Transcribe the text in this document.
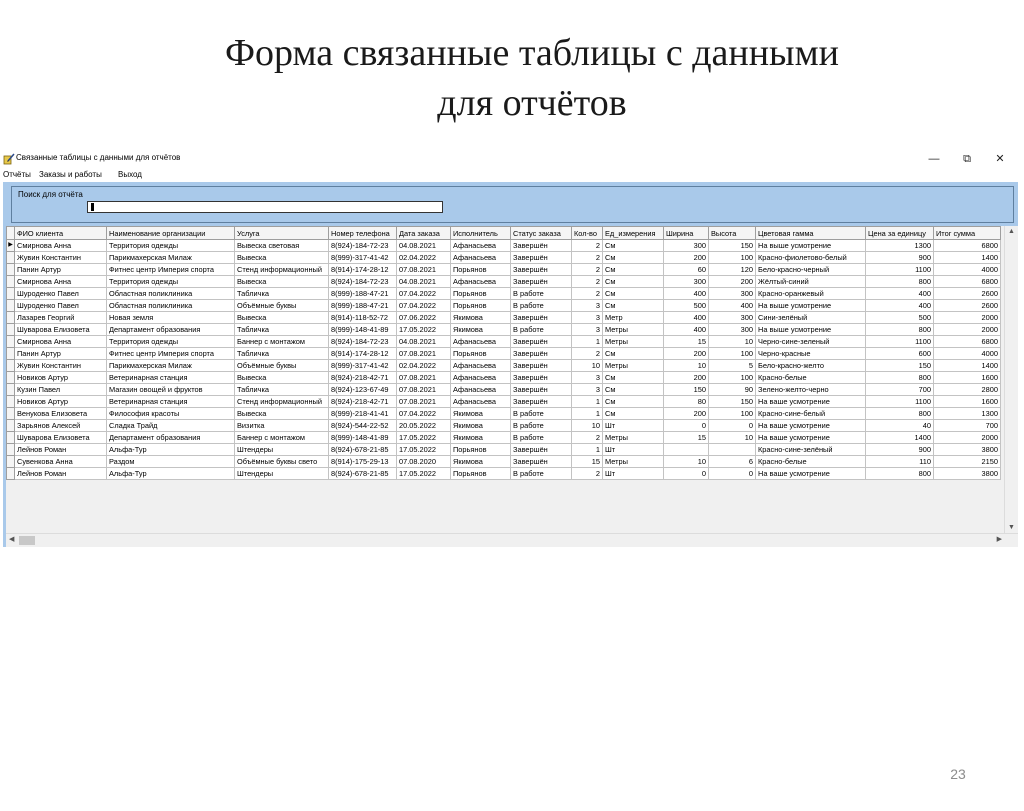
Форма связанные таблицы с данными
для отчётов
Связанные таблицы с данными для отчётов	—	⧉	✕
Отчёты Заказы и работы Выход
Поиск для отчёта
	ФИО клиента	Наименование организации	Услуга	Номер телефона	Дата заказа	Исполнитель	Статус заказа	Кол-во	Ед_измерения	Ширина	Высота	Цветовая гамма	Цена за единицу	Итог сумма
▶	Смирнова Анна	Территория одежды	Вывеска световая	8(924)-184-72-23	04.08.2021	Афанасьева	Завершён	2	См	300	150	На выше усмотрение	1300	6800
	Жувин Константин	Парикмахерская Милаж	Вывеска	8(999)-317-41-42	02.04.2022	Афанасьева	Завершён	2	См	200	100	Красно-фиолетово-белый	900	1400
	Панин Артур	Фитнес центр Империя спорта	Стенд информационный	8(914)-174-28-12	07.08.2021	Порьянов	Завершён	2	См	60	120	Бело-красно-черный	1100	4000
	Смирнова Анна	Территория одежды	Вывеска	8(924)-184-72-23	04.08.2021	Афанасьева	Завершён	2	См	300	200	Жёлтый-синий	800	6800
	Шуроденко Павел	Областная поликлиника	Табличка	8(999)-188-47-21	07.04.2022	Порьянов	В работе	2	См	400	300	Красно-оранжевый	400	2600
	Шуроденко Павел	Областная поликлиника	Объёмные буквы	8(999)-188-47-21	07.04.2022	Порьянов	В работе	3	См	500	400	На выше усмотрение	400	2600
	Лазарев Георгий	Новая земля	Вывеска	8(914)-118-52-72	07.06.2022	Якимова	Завершён	3	Метр	400	300	Сини-зелёный	500	2000
	Шуварова Елизовета	Департамент образования	Табличка	8(999)-148-41-89	17.05.2022	Якимова	В работе	3	Метры	400	300	На выше усмотрение	800	2000
	Смирнова Анна	Территория одежды	Баннер с монтажом	8(924)-184-72-23	04.08.2021	Афанасьева	Завершён	1	Метры	15	10	Черно-сине-зеленый	1100	6800
	Панин Артур	Фитнес центр Империя спорта	Табличка	8(914)-174-28-12	07.08.2021	Порьянов	Завершён	2	См	200	100	Черно-красные	600	4000
	Жувин Константин	Парикмахерская Милаж	Объёмные буквы	8(999)-317-41-42	02.04.2022	Афанасьева	Завершён	10	Метры	10	5	Бело-красно-желто	150	1400
	Новиков Артур	Ветеринарная станция	Вывеска	8(924)-218-42-71	07.08.2021	Афанасьева	Завершён	3	См	200	100	Красно-белые	800	1600
	Кузин Павел	Магазин овощей и фруктов	Табличка	8(924)-123-67-49	07.08.2021	Афанасьева	Завершён	3	См	150	90	Зелено-желто-черно	700	2800
	Новиков Артур	Ветеринарная станция	Стенд информационный	8(924)-218-42-71	07.08.2021	Афанасьева	Завершён	1	См	80	150	На ваше усмотрение	1100	1600
	Венукова Елизовета	Философия красоты	Вывеска	8(999)-218-41-41	07.04.2022	Якимова	В работе	1	См	200	100	Красно-сине-белый	800	1300
	Зарьянов Алексей	Сладка Трайд	Визитка	8(924)-544-22-52	20.05.2022	Якимова	В работе	10	Шт	0	0	На ваше усмотрение	40	700
	Шуварова Елизовета	Департамент образования	Баннер с монтажом	8(999)-148-41-89	17.05.2022	Якимова	В работе	2	Метры	15	10	На ваше усмотрение	1400	2000
	Лейнов Роман	Альфа-Тур	Штендеры	8(924)-678-21-85	17.05.2022	Порьянов	Завершён	1	Шт			Красно-сине-зелёный	900	3800
	Сувенкова Анна	Раздом	Объёмные буквы свето	8(914)-175-29-13	07.08.2020	Якимова	Завершён	15	Метры	10	6	Красно-белые	110	2150
	Лейнов Роман	Альфа-Тур	Штендеры	8(924)-678-21-85	17.05.2022	Порьянов	В работе	2	Шт	0	0	На ваше усмотрение	800	3800
▲
▼
◀	▶
23
